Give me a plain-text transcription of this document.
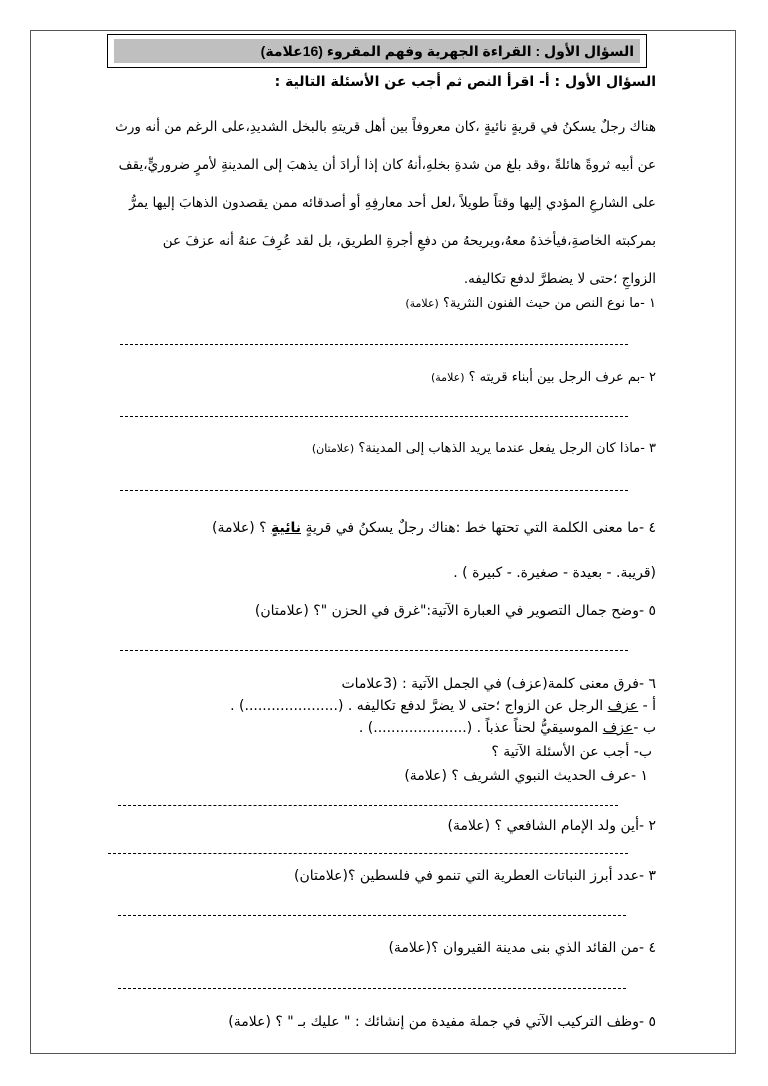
السؤال الأول : القراءة الجهرية وفهم المقروء (16علامة)
السؤال الأول : أ- اقرأ النص ثم أجب عن الأسئلة التالية :
هناك رجلٌ يسكنُ في قريةٍ نائيةٍ ،كان معروفاً بين أهل قريتهِ بالبخل الشديدِ،على الرغم من أنه ورث
عن أبيه ثروةً هائلةً ،وقد بلغ من شدةِ بخلهِ،أنهُ كان إذا أرادَ أن يذهبَ إلى المدينةِ لأمرٍ ضروريٍّ،يقف
على الشارعِ المؤدي إليها وقتاً طويلاً ،لعل أحد معارفِهِ أو أصدقائه ممن يقصدون الذهابَ إليها يمرُّ
بمركبته الخاصةِ،فيأخذهُ معهُ،ويريحهُ من دفعِ أجرةِ الطريق، بل لقد عُرِفَ عنهُ أنه عزفَ عن
الزواجِ ؛حتى لا يضطرَّ لدفع تكاليفه.
١ -ما نوع النص من حيث الفنون النثرية؟ (علامة)
٢ -بم عرف الرجل بين أبناء قريته ؟ (علامة)
٣ -ماذا كان الرجل يفعل عندما يريد الذهاب إلى المدينة؟ (علامتان)
٤ -ما معنى الكلمة التي تحتها خط :هناك رجلٌ يسكنُ في قريةٍ نائيةٍ ؟ (علامة)
(قريبة. - بعيدة - صغيرة. - كبيرة ) .
٥ -وضح جمال التصوير في العبارة الآتية:"غرق في الحزن "؟ (علامتان)
٦ -فرق معنى كلمة(عزف) في الجمل الآتية : (3علامات
أ - عزف الرجل عن الزواج ؛حتى لا يضرَّ لدفع تكاليفه . (.....................) .
ب -عزف الموسيقيُّ لحناً عذباً . (.....................) .
ب- أجب عن الأسئلة الآتية ؟
١ -عرف الحديث النبوي الشريف ؟ (علامة)
٢ -أين ولد الإمام الشافعي ؟ (علامة)
٣ -عدد أبرز النباتات العطرية التي تنمو في فلسطين ؟(علامتان)
٤ -من القائد الذي بنى مدينة القيروان ؟(علامة)
٥ -وظف التركيب الآتي في جملة مفيدة من إنشائك : " عليك بـ " ؟ (علامة)
